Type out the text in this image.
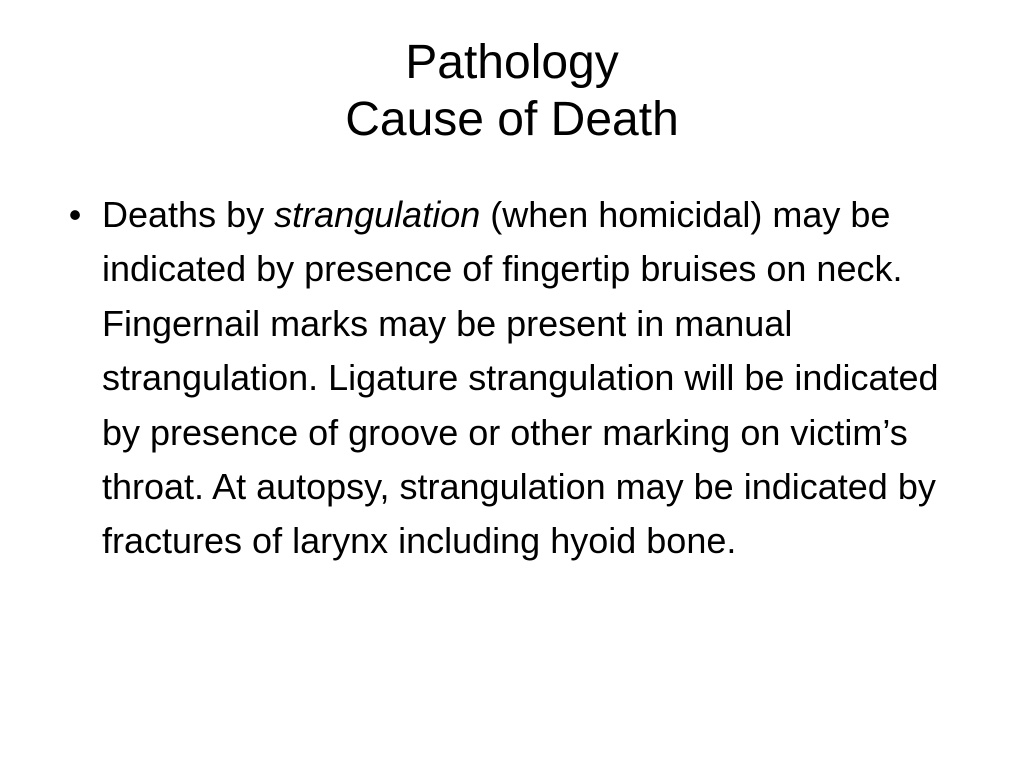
Pathology
Cause of Death
• Deaths by strangulation (when homicidal) may be indicated by presence of fingertip bruises on neck. Fingernail marks may be present in manual strangulation. Ligature strangulation will be indicated by presence of groove or other marking on victim’s throat. At autopsy, strangulation may be indicated by fractures of larynx including hyoid bone.
